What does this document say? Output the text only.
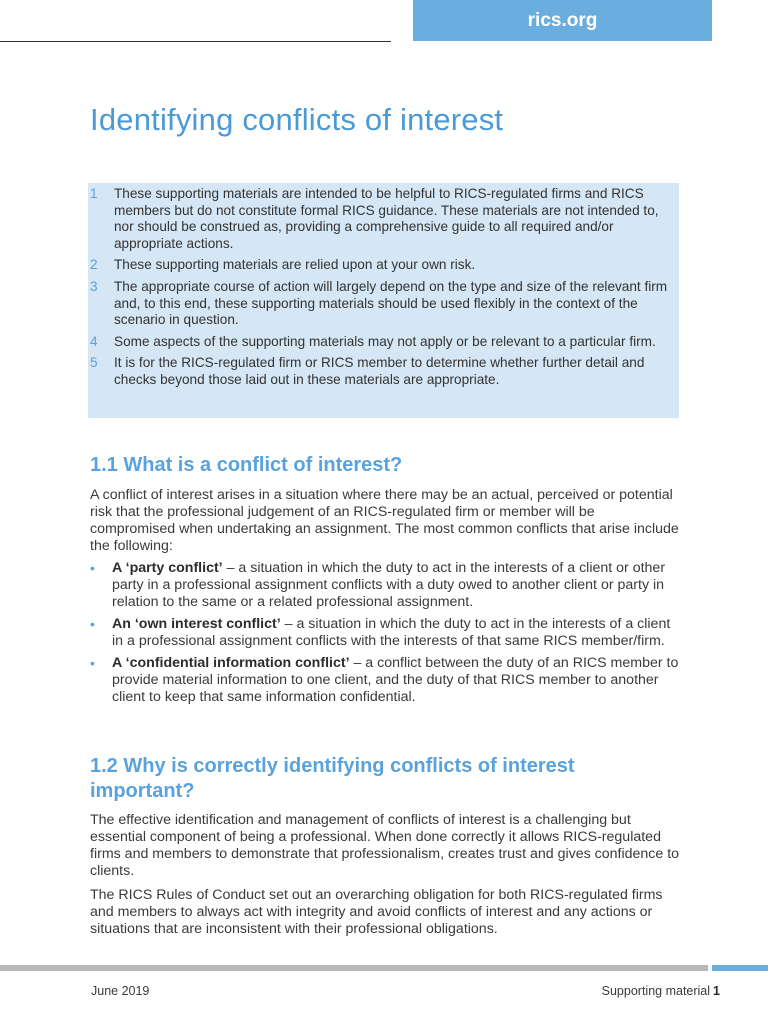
rics.org
Identifying conflicts of interest
1	These supporting materials are intended to be helpful to RICS-regulated firms and RICS members but do not constitute formal RICS guidance. These materials are not intended to, nor should be construed as, providing a comprehensive guide to all required and/or appropriate actions.
2	These supporting materials are relied upon at your own risk.
3	The appropriate course of action will largely depend on the type and size of the relevant firm and, to this end, these supporting materials should be used flexibly in the context of the scenario in question.
4	Some aspects of the supporting materials may not apply or be relevant to a particular firm.
5	It is for the RICS-regulated firm or RICS member to determine whether further detail and checks beyond those laid out in these materials are appropriate.
1.1 What is a conflict of interest?

A conflict of interest arises in a situation where there may be an actual, perceived or potential risk that the professional judgement of an RICS-regulated firm or member will be compromised when undertaking an assignment. The most common conflicts that arise include the following:

•	A ‘party conflict’ – a situation in which the duty to act in the interests of a client or other party in a professional assignment conflicts with a duty owed to another client or party in relation to the same or a related professional assignment.
•	An ‘own interest conflict’ – a situation in which the duty to act in the interests of a client in a professional assignment conflicts with the interests of that same RICS member/firm.
•	A ‘confidential information conflict’ – a conflict between the duty of an RICS member to provide material information to one client, and the duty of that RICS member to another client to keep that same information confidential.
1.2 Why is correctly identifying conflicts of interest
important?

The effective identification and management of conflicts of interest is a challenging but essential component of being a professional. When done correctly it allows RICS-regulated firms and members to demonstrate that professionalism, creates trust and gives confidence to clients.

The RICS Rules of Conduct set out an overarching obligation for both RICS-regulated firms and members to always act with integrity and avoid conflicts of interest and any actions or situations that are inconsistent with their professional obligations.

June 2019	Supporting material 1
